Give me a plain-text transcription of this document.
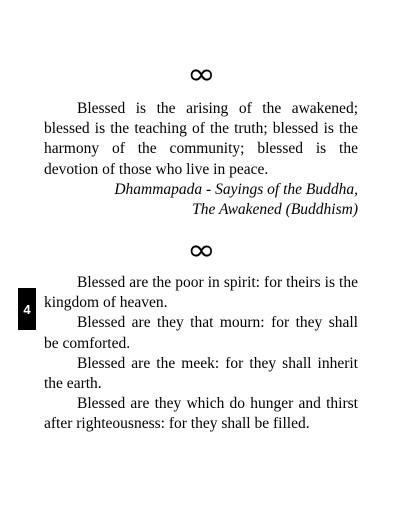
∞

Blessed is the arising of the awakened; blessed is the teaching of the truth; blessed is the harmony of the community; blessed is the devotion of those who live in peace.

Dhammapada - Sayings of the Buddha,

The Awakened (Buddhism)

∞
4

Blessed are the poor in spirit: for theirs is the kingdom of heaven.

Blessed are they that mourn: for they shall be comforted.

Blessed are the meek: for they shall inherit the earth.

Blessed are they which do hunger and thirst after righteousness: for they shall be filled.
